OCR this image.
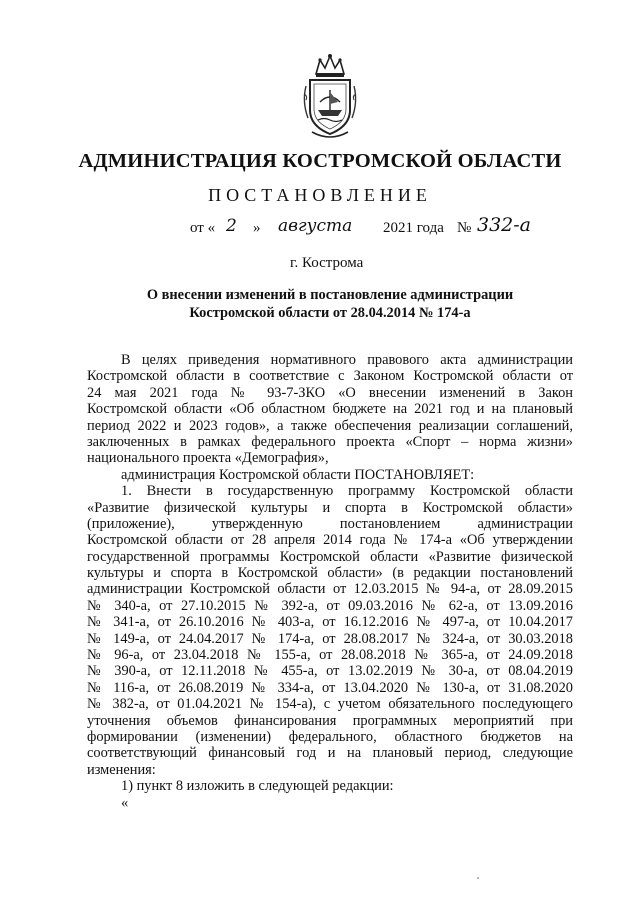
АДМИНИСТРАЦИЯ КОСТРОМСКОЙ ОБЛАСТИ
ПОСТАНОВЛЕНИЕ
от « 2 » августа 2021 года № 332-а
г. Кострома
О внесении изменений в постановление администрации
Костромской области от 28.04.2014 № 174-а
В целях приведения нормативного правового акта администрации
Костромской области в соответствие с Законом Костромской области от
24 мая 2021 года № 93-7-ЗКО «О внесении изменений в Закон
Костромской области «Об областном бюджете на 2021 год и на плановый
период 2022 и 2023 годов», а также обеспечения реализации соглашений,
заключенных в рамках федерального проекта «Спорт – норма жизни»
национального проекта «Демография»,
администрация Костромской области ПОСТАНОВЛЯЕТ:
1. Внести в государственную программу Костромской области
«Развитие физической культуры и спорта в Костромской области»
(приложение), утвержденную постановлением администрации
Костромской области от 28 апреля 2014 года № 174-а «Об утверждении
государственной программы Костромской области «Развитие физической
культуры и спорта в Костромской области» (в редакции постановлений
администрации Костромской области от 12.03.2015 № 94-а, от 28.09.2015
№ 340-а, от 27.10.2015 № 392-а, от 09.03.2016 № 62-а, от 13.09.2016
№ 341-а, от 26.10.2016 № 403-а, от 16.12.2016 № 497-а, от 10.04.2017
№ 149-а, от 24.04.2017 № 174-а, от 28.08.2017 № 324-а, от 30.03.2018
№ 96-а, от 23.04.2018 № 155-а, от 28.08.2018 № 365-а, от 24.09.2018
№ 390-а, от 12.11.2018 № 455-а, от 13.02.2019 № 30-а, от 08.04.2019
№ 116-а, от 26.08.2019 № 334-а, от 13.04.2020 № 130-а, от 31.08.2020
№ 382-а, от 01.04.2021 № 154-а), с учетом обязательного последующего
уточнения объемов финансирования программных мероприятий при
формировании (изменении) федерального, областного бюджетов на
соответствующий финансовый год и на плановый период, следующие
изменения:
1) пункт 8 изложить в следующей редакции:
«
